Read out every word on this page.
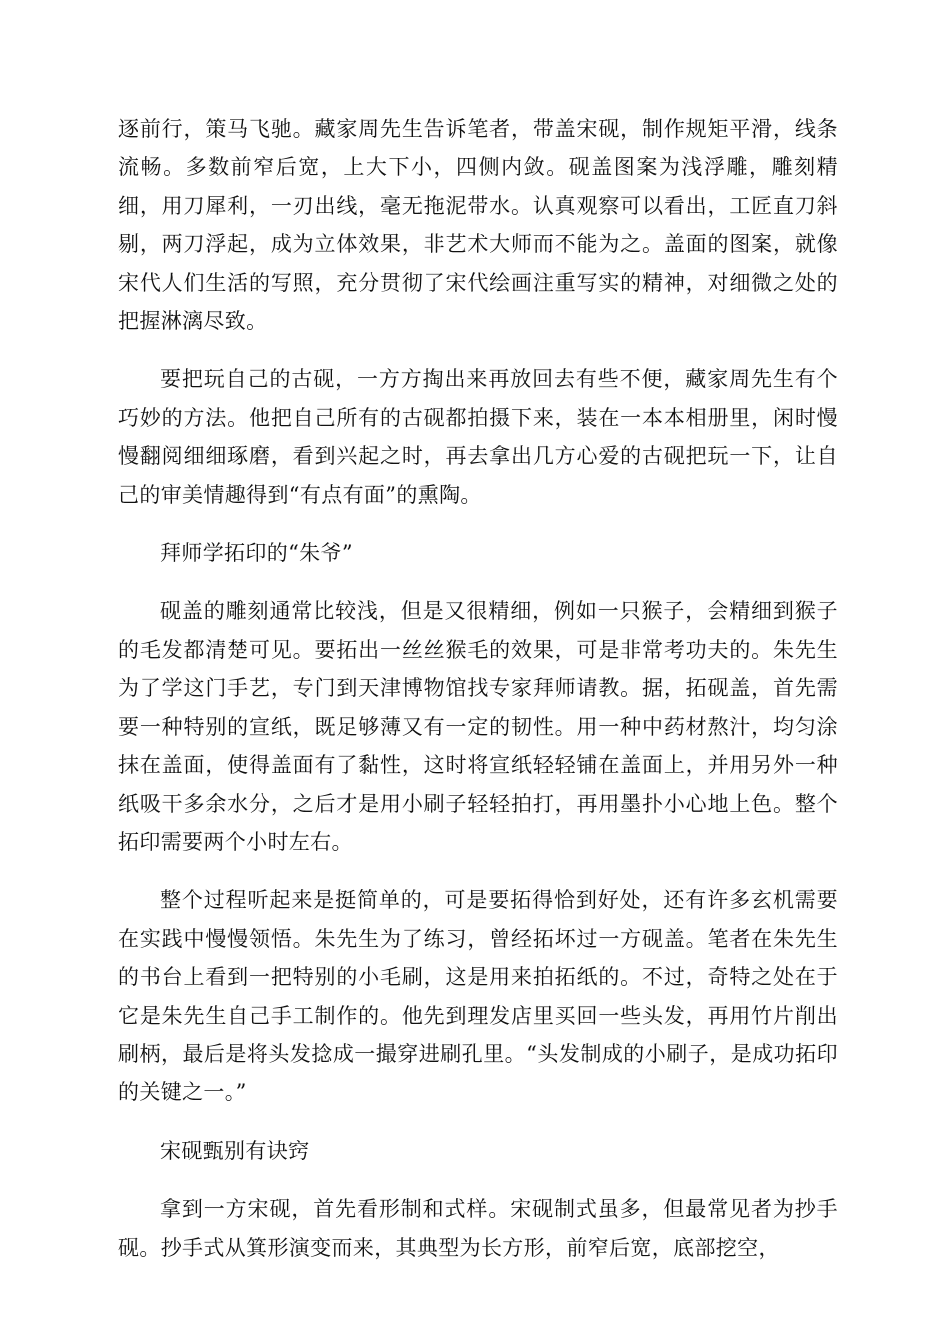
逐前行，策马飞驰。藏家周先生告诉笔者，带盖宋砚，制作规矩平滑，线条流畅。多数前窄后宽，上大下小，四侧内敛。砚盖图案为浅浮雕，雕刻精细，用刀犀利，一刃出线，毫无拖泥带水。认真观察可以看出，工匠直刀斜剔，两刀浮起，成为立体效果，非艺术大师而不能为之。盖面的图案，就像宋代人们生活的写照，充分贯彻了宋代绘画注重写实的精神，对细微之处的把握淋漓尽致。

要把玩自己的古砚，一方方掏出来再放回去有些不便，藏家周先生有个巧妙的方法。他把自己所有的古砚都拍摄下来，装在一本本相册里，闲时慢慢翻阅细细琢磨，看到兴起之时，再去拿出几方心爱的古砚把玩一下，让自己的审美情趣得到“有点有面”的熏陶。

拜师学拓印的“朱爷”

砚盖的雕刻通常比较浅，但是又很精细，例如一只猴子，会精细到猴子的毛发都清楚可见。要拓出一丝丝猴毛的效果，可是非常考功夫的。朱先生为了学这门手艺，专门到天津博物馆找专家拜师请教。据，拓砚盖，首先需要一种特别的宣纸，既足够薄又有一定的韧性。用一种中药材熬汁，均匀涂抹在盖面，使得盖面有了黏性，这时将宣纸轻轻铺在盖面上，并用另外一种纸吸干多余水分，之后才是用小刷子轻轻拍打，再用墨扑小心地上色。整个拓印需要两个小时左右。

整个过程听起来是挺简单的，可是要拓得恰到好处，还有许多玄机需要在实践中慢慢领悟。朱先生为了练习，曾经拓坏过一方砚盖。笔者在朱先生的书台上看到一把特别的小毛刷，这是用来拍拓纸的。不过，奇特之处在于它是朱先生自己手工制作的。他先到理发店里买回一些头发，再用竹片削出刷柄，最后是将头发捻成一撮穿进刷孔里。“头发制成的小刷子，是成功拓印的关键之一。”

宋砚甄别有诀窍

拿到一方宋砚，首先看形制和式样。宋砚制式虽多，但最常见者为抄手砚。抄手式从箕形演变而来，其典型为长方形，前窄后宽，底部挖空，
